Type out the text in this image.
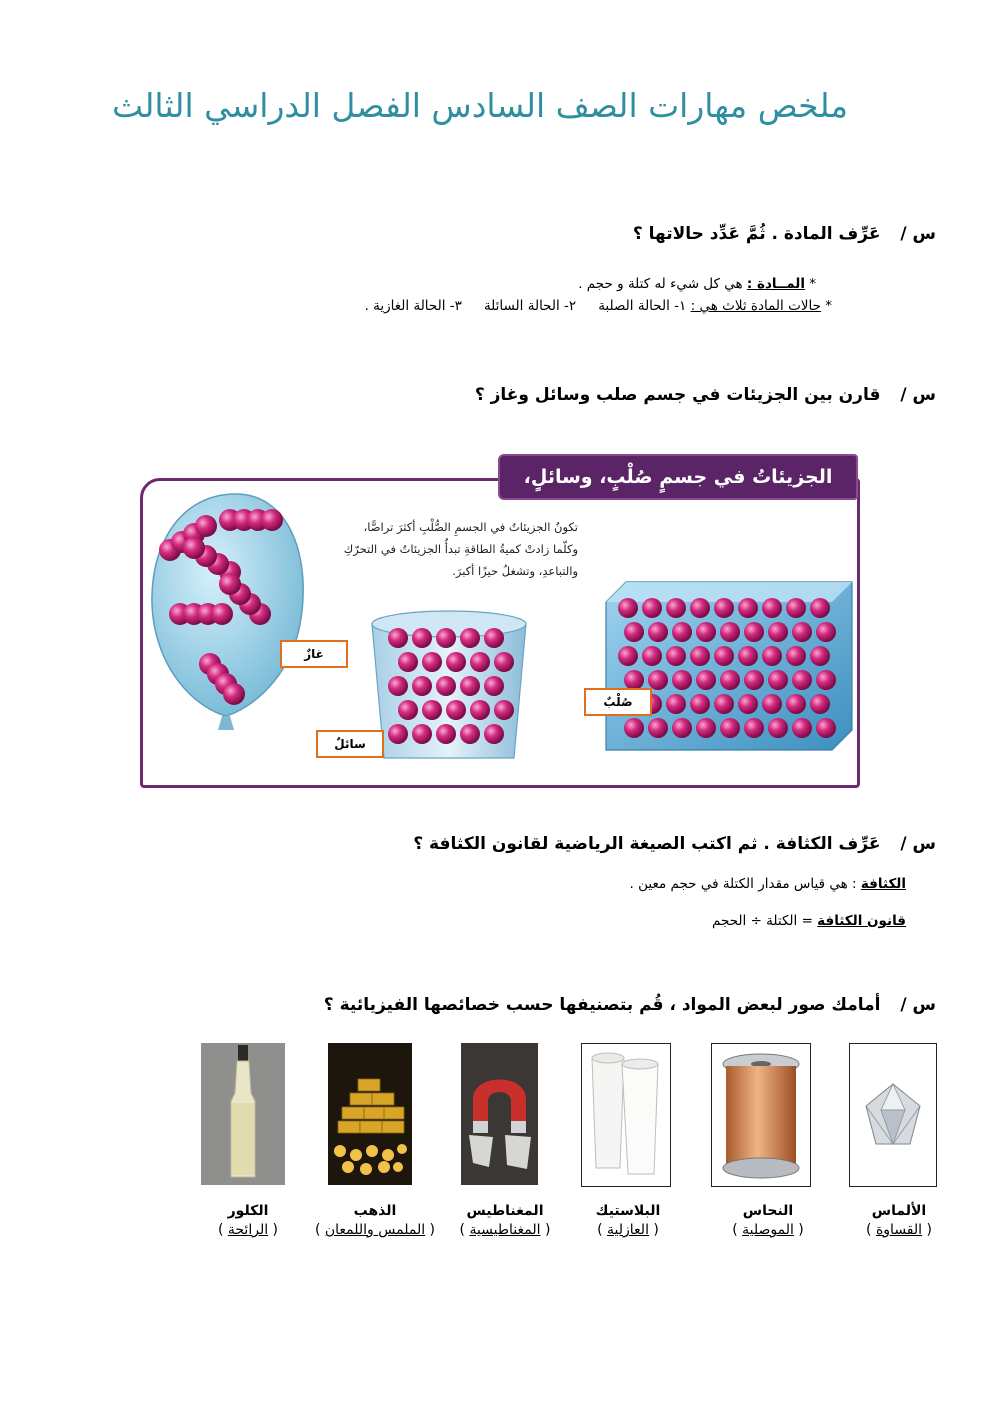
ملخص مهارات الصف السادس الفصل الدراسي الثالث
س / عَرِّف المادة . ثُمَّ عَدِّد حالاتها ؟
* المــادة : هي كل شيء له كتلة و حجم .
* حالات المادة ثلاث هي : ١- الحالة الصلبة٢- الحالة السائلة٣- الحالة الغازية .
س / قارن بين الجزيئات في جسم صلب وسائل وغاز ؟
الجزيئاتُ في جسمٍ صُلْبٍ، وسائلٍ، وغازٍ
تكونُ الجزيئاتُ في الجسمِ الصُّلْبِ أكثرَ تراصًّا،
وكلّما زادتْ كميةُ الطاقةِ تبدأُ الجزيئاتُ في التحرّكِ
والتباعدِ، وتشغلُ حيزًا أكبرَ.
غازٌ
سائلٌ
صُلْبٌ
س / عَرِّف الكثافة . ثم اكتب الصيغة الرياضية لقانون الكثافة ؟
الكثافة : هي قياس مقدار الكتلة في حجم معين .
قانون الكثافة = الكتلة ÷ الحجم
س / أمامك صور لبعض المواد ، قُم بتصنيفها حسب خصائصها الفيزيائية ؟
الألماس
( القساوة )
النحاس
( الموصلية )
البلاستيك
( العازلية )
المغناطيس
( المغناطيسية )
الذهب
( الملمس واللمعان )
الكلور
( الرائحة )
